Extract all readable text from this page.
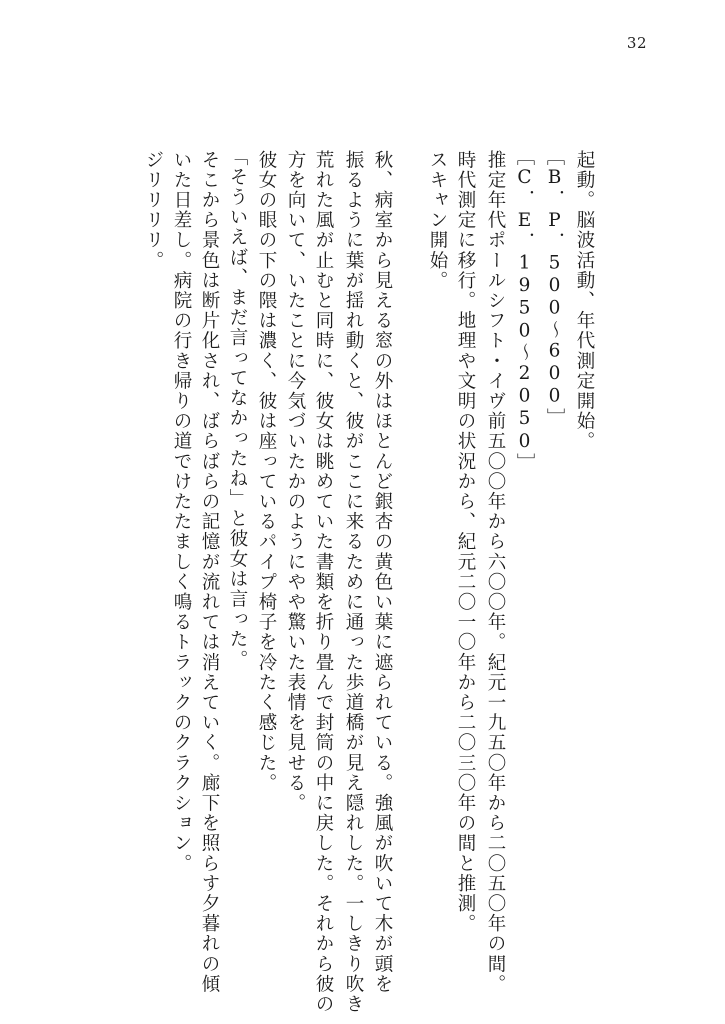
32
起動。脳波活動、年代測定開始。
［B．P．500〜600］
［C．E．1950〜2050］
推定年代ポールシフト・イヴ前五〇〇年から六〇〇年。紀元一九五〇年から二〇五〇年の間。
時代測定に移行。地理や文明の状況から、紀元二〇一〇年から二〇三〇年の間と推測。
スキャン開始。
秋、病室から見える窓の外はほとんど銀杏の黄色い葉に遮られている。強風が吹いて木が頭を
振るように葉が揺れ動くと、彼がここに来るために通った歩道橋が見え隠れした。一しきり吹き
荒れた風が止むと同時に、彼女は眺めていた書類を折り畳んで封筒の中に戻した。それから彼の
方を向いて、いたことに今気づいたかのようにやや驚いた表情を見せる。
彼女の眼の下の隈は濃く、彼は座っているパイプ椅子を冷たく感じた。
「そういえば、まだ言ってなかったね」と彼女は言った。
そこから景色は断片化され、ばらばらの記憶が流れては消えていく。廊下を照らす夕暮れの傾
いた日差し。病院の行き帰りの道でけたたましく鳴るトラックのクラクション。
ジリリリリ。
